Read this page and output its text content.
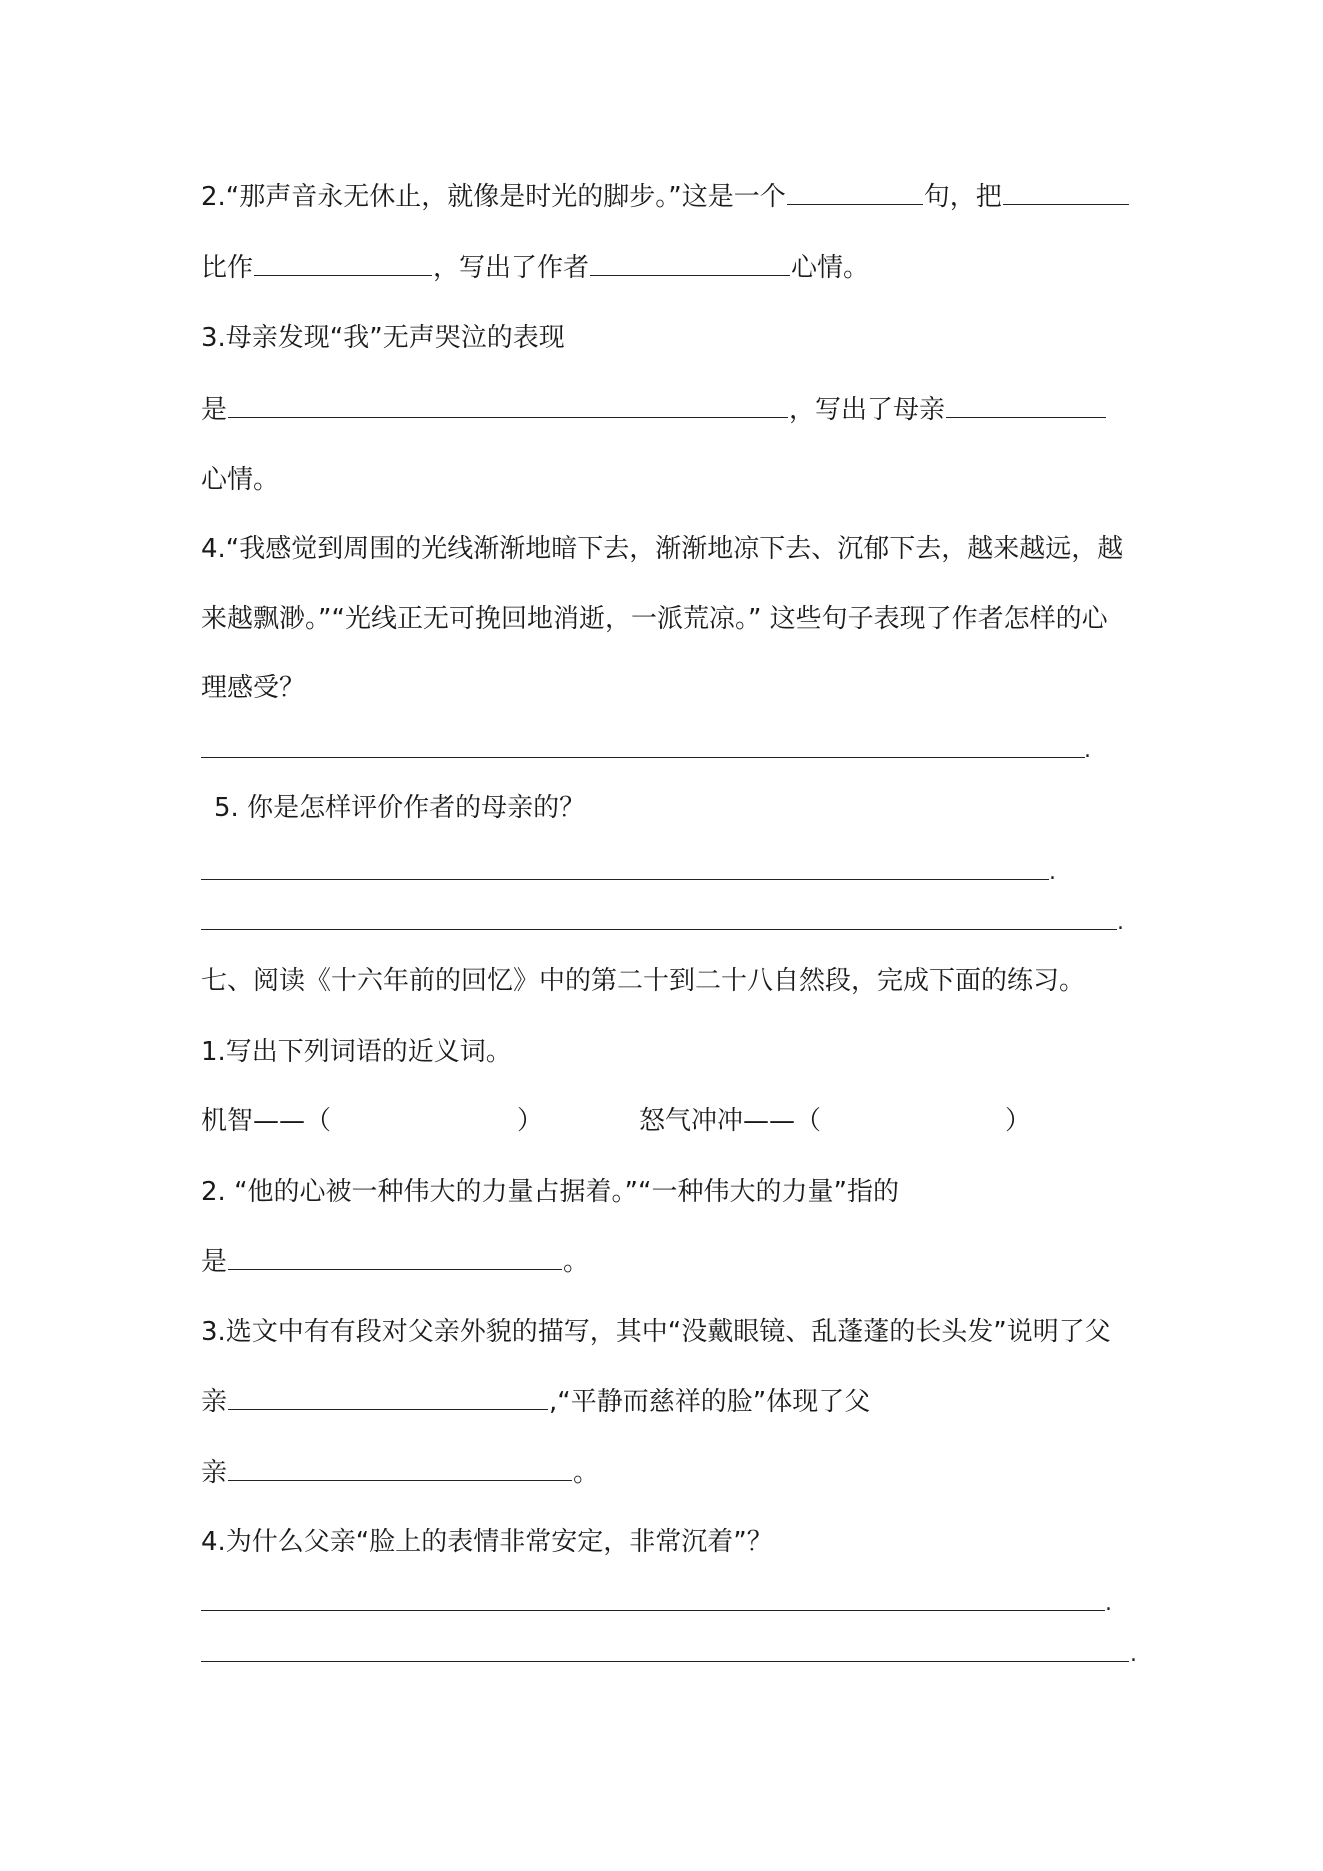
2.“那声音永无休止，就像是时光的脚步。”这是一个	句，把
比作	，写出了作者	心情。
3.母亲发现“我”无声哭泣的表现
是	，写出了母亲
心情。
4.“我感觉到周围的光线渐渐地暗下去，渐渐地凉下去、沉郁下去，越来越远，越
来越飘渺。”“光线正无可挽回地消逝，一派荒凉。” 这些句子表现了作者怎样的心
理感受？
.
5. 你是怎样评价作者的母亲的？
.
.
七、阅读《十六年前的回忆》中的第二十到二十八自然段，完成下面的练习。
1.写出下列词语的近义词。
机智——（	）	怒气冲冲——（	）
2. “他的心被一种伟大的力量占据着。”“一种伟大的力量”指的
是	。
3.选文中有有段对父亲外貌的描写，其中“没戴眼镜、乱蓬蓬的长头发”说明了父
亲	,“平静而慈祥的脸”体现了父
亲	。
4.为什么父亲“脸上的表情非常安定，非常沉着”？
.
.
